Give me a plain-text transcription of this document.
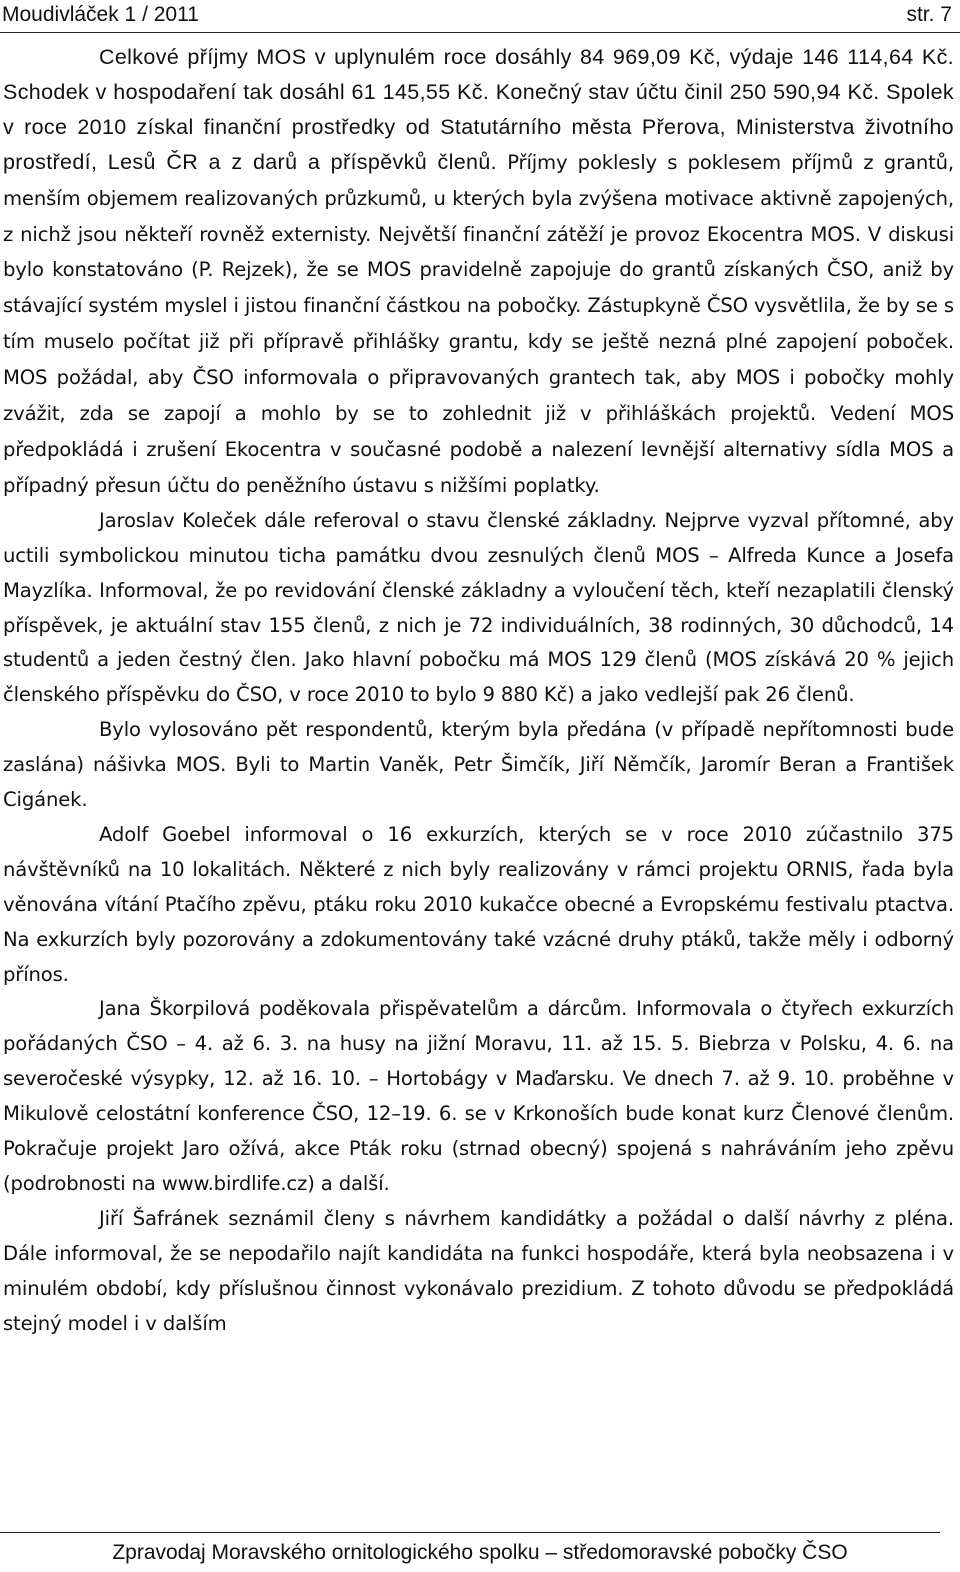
Moudivláček 1 / 2011	str. 7

Celkové příjmy MOS v uplynulém roce dosáhly 84 969,09 Kč, výdaje 146 114,64 Kč. Schodek v hospodaření tak dosáhl 61 145,55 Kč. Konečný stav účtu činil 250 590,94 Kč. Spolek v roce 2010 získal finanční prostředky od Statutárního města Přerova, Ministerstva životního prostředí, Lesů ČR a z darů a příspěvků členů. Příjmy poklesly s poklesem příjmů z grantů, menším objemem realizovaných průzkumů, u kterých byla zvýšena motivace aktivně zapojených, z nichž jsou někteří rovněž externisty. Největší finanční zátěží je provoz Ekocentra MOS. V diskusi bylo konstatováno (P. Rejzek), že se MOS pravidelně zapojuje do grantů získaných ČSO, aniž by stávající systém myslel i jistou finanční částkou na pobočky. Zástupkyně ČSO vysvětlila, že by se s tím muselo počítat již při přípravě přihlášky grantu, kdy se ještě nezná plné zapojení poboček. MOS požádal, aby ČSO informovala o připravovaných grantech tak, aby MOS i pobočky mohly zvážit, zda se zapojí a mohlo by se to zohlednit již v přihláškách projektů. Vedení MOS předpokládá i zrušení Ekocentra v současné podobě a nalezení levnější alternativy sídla MOS a případný přesun účtu do peněžního ústavu s nižšími poplatky.

Jaroslav Koleček dále referoval o stavu členské základny. Nejprve vyzval přítomné, aby uctili symbolickou minutou ticha památku dvou zesnulých členů MOS – Alfreda Kunce a Josefa Mayzlíka. Informoval, že po revidování členské základny a vyloučení těch, kteří nezaplatili členský příspěvek, je aktuální stav 155 členů, z nich je 72 individuálních, 38 rodinných, 30 důchodců, 14 studentů a jeden čestný člen. Jako hlavní pobočku má MOS 129 členů (MOS získává 20 % jejich členského příspěvku do ČSO, v roce 2010 to bylo 9 880 Kč) a jako vedlejší pak 26 členů.

Bylo vylosováno pět respondentů, kterým byla předána (v případě nepřítomnosti bude zaslána) nášivka MOS. Byli to Martin Vaněk, Petr Šimčík, Jiří Němčík, Jaromír Beran a František Cigánek.

Adolf Goebel informoval o 16 exkurzích, kterých se v roce 2010 zúčastnilo 375 návštěvníků na 10 lokalitách. Některé z nich byly realizovány v rámci projektu ORNIS, řada byla věnována vítání Ptačího zpěvu, ptáku roku 2010 kukačce obecné a Evropskému festivalu ptactva. Na exkurzích byly pozorovány a zdokumentovány také vzácné druhy ptáků, takže měly i odborný přínos.

Jana Škorpilová poděkovala přispěvatelům a dárcům. Informovala o čtyřech exkurzích pořádaných ČSO – 4. až 6. 3. na husy na jižní Moravu, 11. až 15. 5. Biebrza v Polsku, 4. 6. na severočeské výsypky, 12. až 16. 10. – Hortobágy v Maďarsku. Ve dnech 7. až 9. 10. proběhne v Mikulově celostátní konference ČSO, 12–19. 6. se v Krkonoších bude konat kurz Členové členům. Pokračuje projekt Jaro ožívá, akce Pták roku (strnad obecný) spojená s nahráváním jeho zpěvu (podrobnosti na www.birdlife.cz) a další.

Jiří Šafránek seznámil členy s návrhem kandidátky a požádal o další návrhy z pléna. Dále informoval, že se nepodařilo najít kandidáta na funkci hospodáře, která byla neobsazena i v minulém období, kdy příslušnou činnost vykonávalo prezidium. Z tohoto důvodu se předpokládá stejný model i v dalším

Zpravodaj Moravského ornitologického spolku – středomoravské pobočky ČSO
